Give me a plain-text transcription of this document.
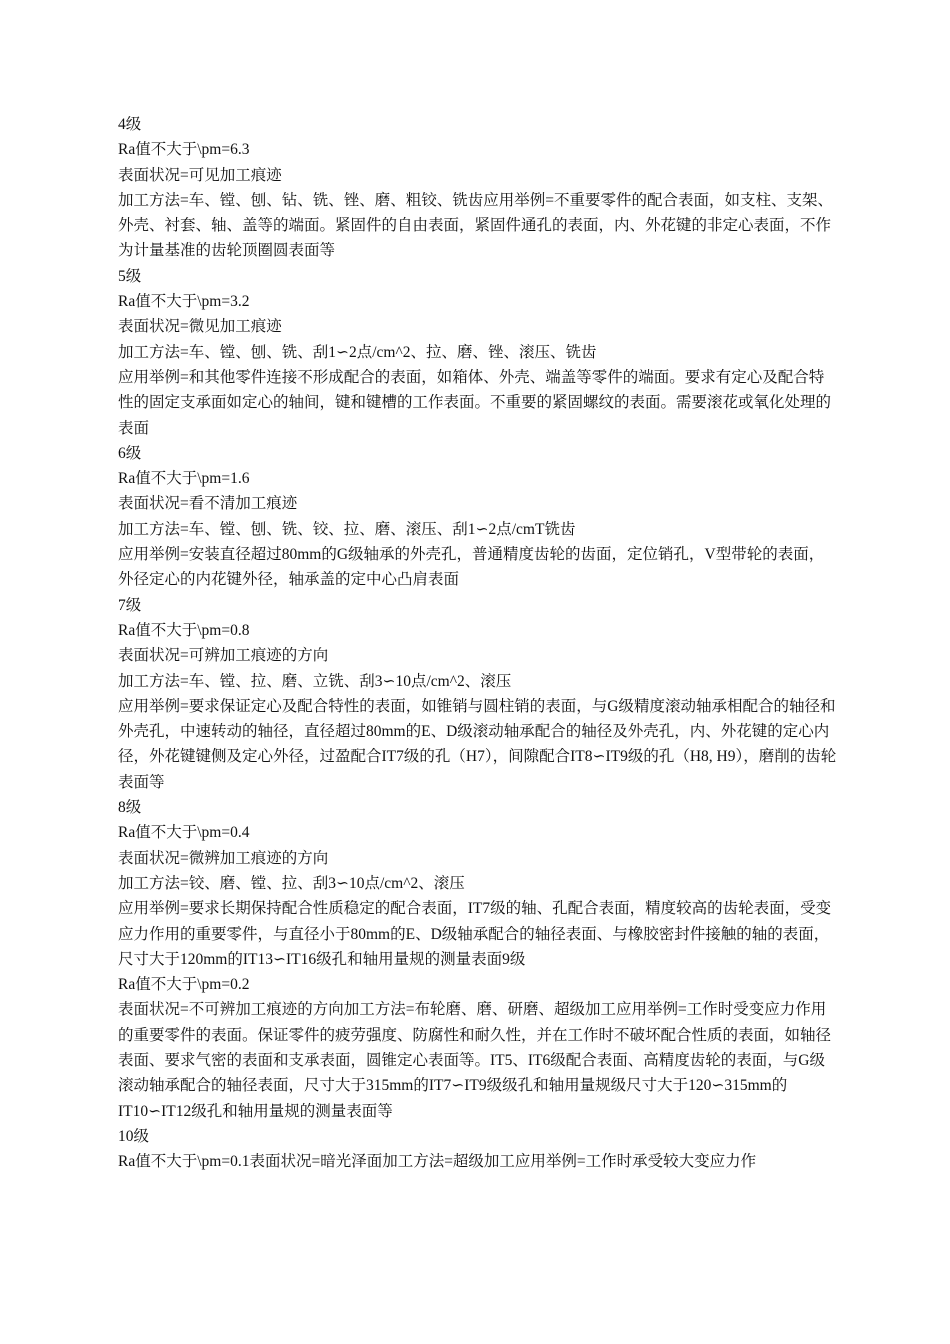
4级

Ra值不大于\pm=6.3

表面状况=可见加工痕迹

加工方法=车、镗、刨、钻、铣、锉、磨、粗铰、铣齿应用举例=不重要零件的配合表面，如支柱、支架、外壳、衬套、轴、盖等的端面。紧固件的自由表面，紧固件通孔的表面，内、外花键的非定心表面，不作为计量基准的齿轮顶圈圆表面等

5级

Ra值不大于\pm=3.2

表面状况=微见加工痕迹

加工方法=车、镗、刨、铣、刮1∽2点/cm^2、拉、磨、锉、滚压、铣齿

应用举例=和其他零件连接不形成配合的表面，如箱体、外壳、端盖等零件的端面。要求有定心及配合特性的固定支承面如定心的轴间，键和键槽的工作表面。不重要的紧固螺纹的表面。需要滚花或氧化处理的表面

6级

Ra值不大于\pm=1.6

表面状况=看不清加工痕迹

加工方法=车、镗、刨、铣、铰、拉、磨、滚压、刮1∽2点/cmT铣齿

应用举例=安装直径超过80mm的G级轴承的外壳孔，普通精度齿轮的齿面，定位销孔，V型带轮的表面，外径定心的内花键外径，轴承盖的定中心凸肩表面

7级

Ra值不大于\pm=0.8

表面状况=可辨加工痕迹的方向

加工方法=车、镗、拉、磨、立铣、刮3∽10点/cm^2、滚压

应用举例=要求保证定心及配合特性的表面，如锥销与圆柱销的表面，与G级精度滚动轴承相配合的轴径和外壳孔，中速转动的轴径，直径超过80mm的E、D级滚动轴承配合的轴径及外壳孔，内、外花键的定心内径，外花键键侧及定心外径，过盈配合IT7级的孔（H7），间隙配合IT8∽IT9级的孔（H8, H9），磨削的齿轮表面等

8级

Ra值不大于\pm=0.4

表面状况=微辨加工痕迹的方向

加工方法=铰、磨、镗、拉、刮3∽10点/cm^2、滚压

应用举例=要求长期保持配合性质稳定的配合表面，IT7级的轴、孔配合表面，精度较高的齿轮表面，受变应力作用的重要零件，与直径小于80mm的E、D级轴承配合的轴径表面、与橡胶密封件接触的轴的表面，尺寸大于120mm的IT13∽IT16级孔和轴用量规的测量表面9级

Ra值不大于\pm=0.2

表面状况=不可辨加工痕迹的方向加工方法=布轮磨、磨、研磨、超级加工应用举例=工作时受变应力作用的重要零件的表面。保证零件的疲劳强度、防腐性和耐久性，并在工作时不破坏配合性质的表面，如轴径表面、要求气密的表面和支承表面，圆锥定心表面等。IT5、IT6级配合表面、高精度齿轮的表面，与G级滚动轴承配合的轴径表面，尺寸大于315mm的IT7∽IT9级级孔和轴用量规级尺寸大于120∽315mm的IT10∽IT12级孔和轴用量规的测量表面等

10级

Ra值不大于\pm=0.1表面状况=暗光泽面加工方法=超级加工应用举例=工作时承受较大变应力作
